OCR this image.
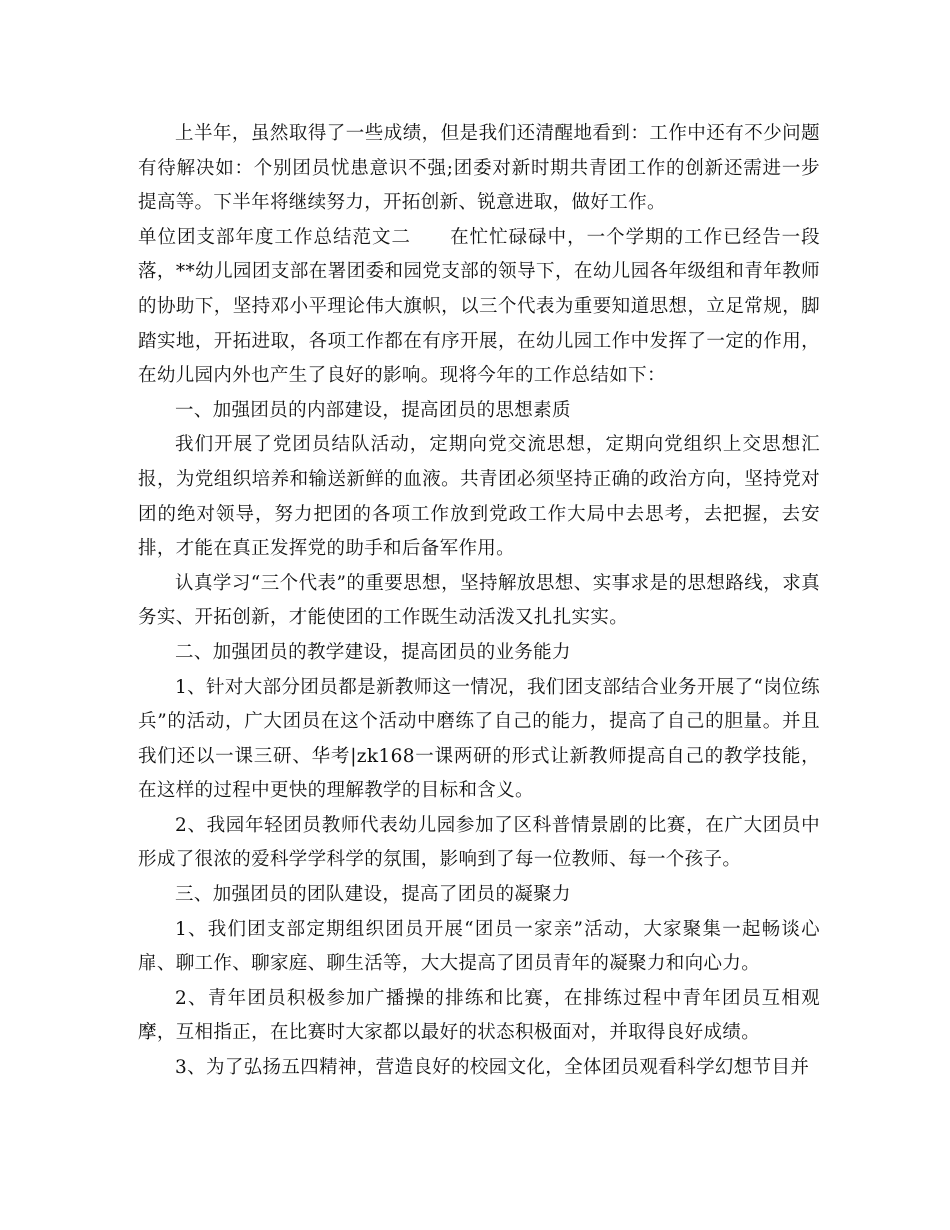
上半年，虽然取得了一些成绩，但是我们还清醒地看到：工作中还有不少问题有待解决如：个别团员忧患意识不强;团委对新时期共青团工作的创新还需进一步提高等。下半年将继续努力，开拓创新、锐意进取，做好工作。

单位团支部年度工作总结范文二　　在忙忙碌碌中，一个学期的工作已经告一段落，**幼儿园团支部在署团委和园党支部的领导下，在幼儿园各年级组和青年教师的协助下，坚持邓小平理论伟大旗帜，以三个代表为重要知道思想，立足常规，脚踏实地，开拓进取，各项工作都在有序开展，在幼儿园工作中发挥了一定的作用，在幼儿园内外也产生了良好的影响。现将今年的工作总结如下：

一、加强团员的内部建设，提高团员的思想素质

我们开展了党团员结队活动，定期向党交流思想，定期向党组织上交思想汇报，为党组织培养和输送新鲜的血液。共青团必须坚持正确的政治方向，坚持党对团的绝对领导，努力把团的各项工作放到党政工作大局中去思考，去把握，去安排，才能在真正发挥党的助手和后备军作用。

认真学习“三个代表”的重要思想，坚持解放思想、实事求是的思想路线，求真务实、开拓创新，才能使团的工作既生动活泼又扎扎实实。

二、加强团员的教学建设，提高团员的业务能力

1、针对大部分团员都是新教师这一情况，我们团支部结合业务开展了“岗位练兵”的活动，广大团员在这个活动中磨练了自己的能力，提高了自己的胆量。并且我们还以一课三研、华考|zk168一课两研的形式让新教师提高自己的教学技能，在这样的过程中更快的理解教学的目标和含义。

2、我园年轻团员教师代表幼儿园参加了区科普情景剧的比赛，在广大团员中形成了很浓的爱科学学科学的氛围，影响到了每一位教师、每一个孩子。

三、加强团员的团队建设，提高了团员的凝聚力

1、我们团支部定期组织团员开展“团员一家亲”活动，大家聚集一起畅谈心扉、聊工作、聊家庭、聊生活等，大大提高了团员青年的凝聚力和向心力。

2、青年团员积极参加广播操的排练和比赛，在排练过程中青年团员互相观摩，互相指正，在比赛时大家都以最好的状态积极面对，并取得良好成绩。

3、为了弘扬五四精神，营造良好的校园文化，全体团员观看科学幻想节目并
